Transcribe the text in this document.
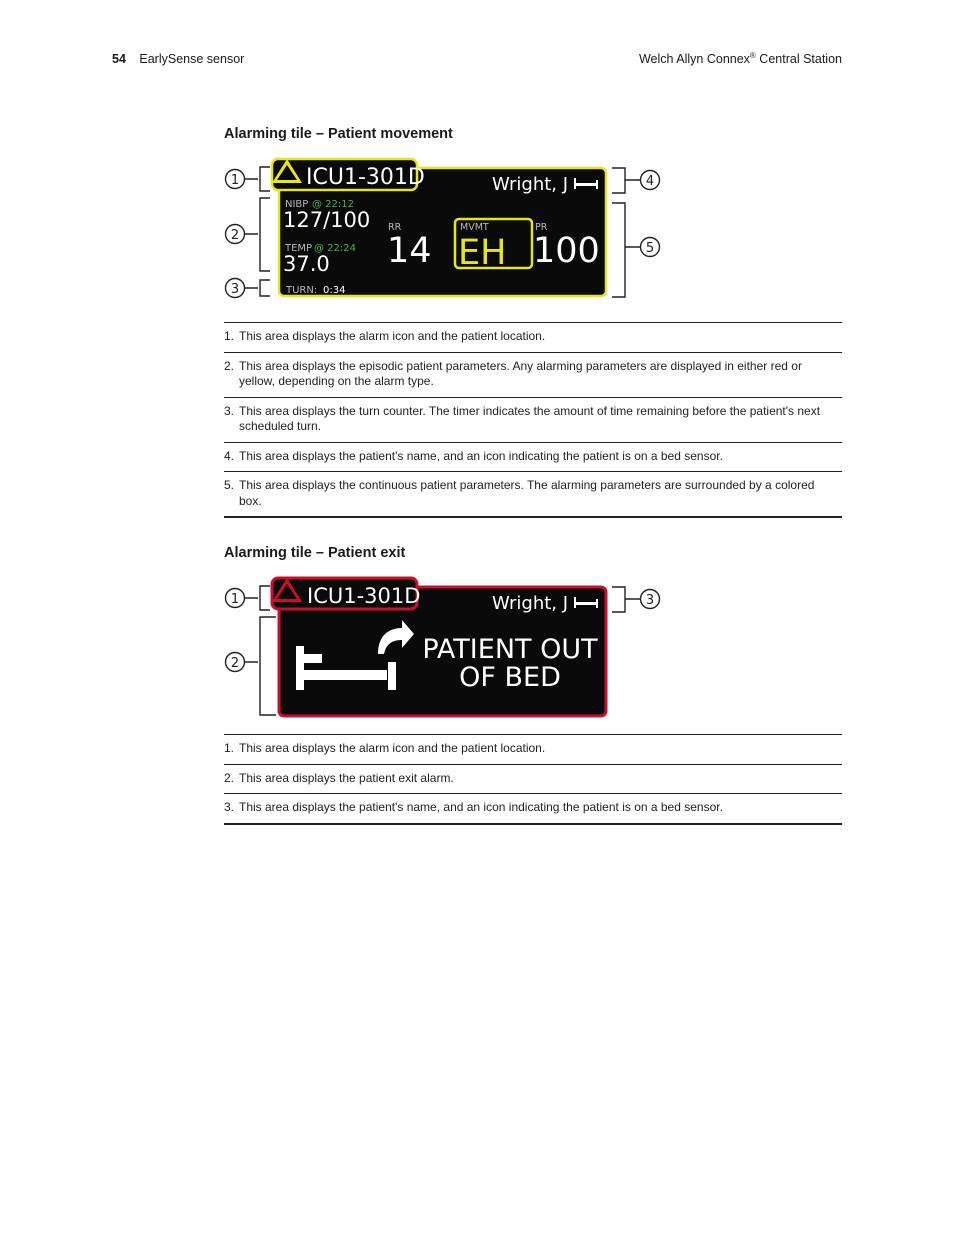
54 EarlySense sensor	Welch Allyn Connex® Central Station
Alarming tile – Patient movement
1
2
3
4
5
ICU1-301D	Wright, J
NIBP @ 22:12
127/100
TEMP @ 22:24
37.0
TURN: 0:34
RR
14
MVMT
EH
PR
100
1. This area displays the alarm icon and the patient location.
2. This area displays the episodic patient parameters. Any alarming parameters are displayed in either red or yellow, depending on the alarm type.
3. This area displays the turn counter. The timer indicates the amount of time remaining before the patient's next scheduled turn.
4. This area displays the patient's name, and an icon indicating the patient is on a bed sensor.
5. This area displays the continuous patient parameters. The alarming parameters are surrounded by a colored box.
Alarming tile – Patient exit
1
2
3
ICU1-301D	Wright, J
PATIENT OUT
OF BED
1. This area displays the alarm icon and the patient location.
2. This area displays the patient exit alarm.
3. This area displays the patient's name, and an icon indicating the patient is on a bed sensor.
